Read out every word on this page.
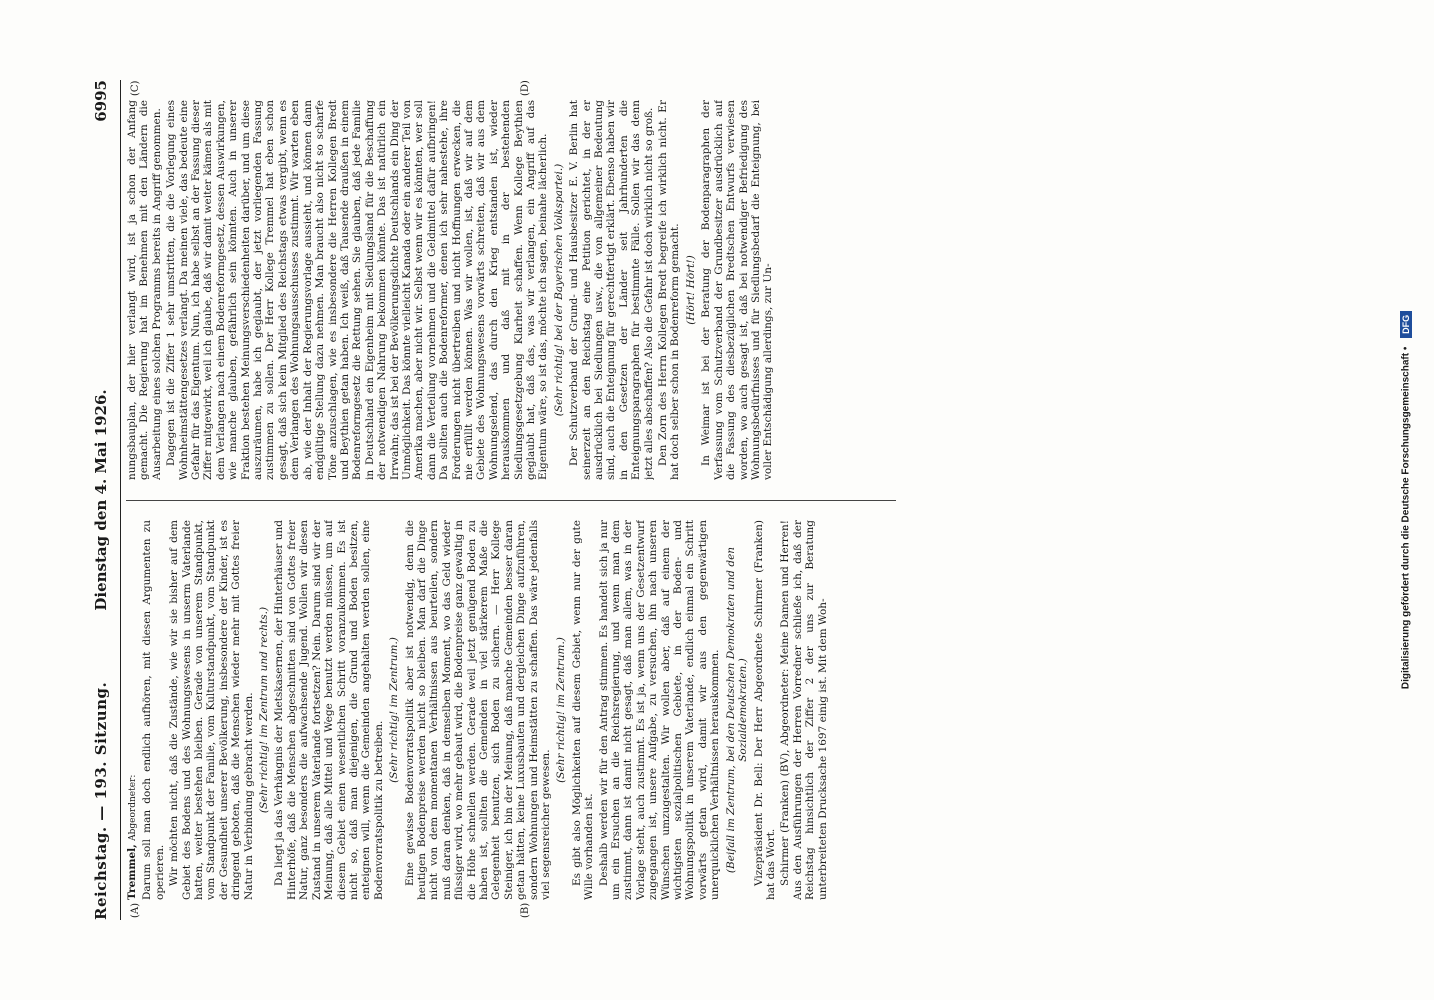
Reichstag. — 193. Sitzung.
Dienstag den 4. Mai 1926.
6995
(A)	(B)
(C)	(D)

Tremmel, Abgeordneter: Darum soll man doch endlich aufhören, mit diesen Argumenten zu operieren. Wir möchten nicht, daß die Zustände, wie wir sie bisher auf dem Gebiet des Bodens und des Wohnungswesens in unserm Vaterlande hatten, weiter bestehen bleiben. Gerade von unserem Standpunkt, vom Standpunkt der Familie, vom Kulturstandpunkt, vom Standpunkt der Gesundheit unserer Bevölkerung, insbesondere der Kinder, ist es dringend geboten, daß die Menschen wieder mehr mit Gottes freier Natur in Verbindung gebracht werden. (Sehr richtig! im Zentrum und rechts.) Da liegt ja das Verhängnis der Mietskasernen, der Hinterhäuser und Hinterhöfe, daß die Menschen abgeschnitten sind von Gottes freier Natur, ganz besonders die aufwachsende Jugend. Wollen wir diesen Zustand in unserem Vaterlande fortsetzen? Nein. Darum sind wir der Meinung, daß alle Mittel und Wege benutzt werden müssen, um auf diesem Gebiet einen wesentlichen Schritt voranzukommen. Es ist nicht so, daß man diejenigen, die Grund und Boden besitzen, enteignen will, wenn die Gemeinden angehalten werden sollen, eine Bodenvorratspolitik zu betreiben.

(Sehr richtig! im Zentrum.) Eine gewisse Bodenvorratspolitik aber ist notwendig, denn die heutigen Bodenpreise werden nicht so bleiben. Man darf die Dinge nicht von dem momentanen Verhältnissen aus beurteilen, sondern muß daran denken, daß in demselben Moment, wo das Geld wieder flüssiger wird, wo mehr gebaut wird, die Bodenpreise ganz gewaltig in die Höhe schnellen werden. Gerade weil jetzt genügend Boden zu haben ist, sollten die Gemeinden in viel stärkerem Maße die Gelegenheit benutzen, sich Boden zu sichern. — Herr Kollege Steiniger, ich bin der Meinung, daß manche Gemeinden besser daran getan hätten, keine Luxusbauten und dergleichen Dinge aufzuführen, sondern Wohnungen und Heimstätten zu schaffen. Das wäre jedenfalls viel segensreicher gewesen.

(Sehr richtig! im Zentrum.) Es gibt also Möglichkeiten auf diesem Gebiet, wenn nur der gute Wille vorhanden ist. Deshalb werden wir für den Antrag stimmen. Es handelt sich ja nur um ein Ersuchen an die Reichsregierung, und wenn man dem zustimmt, dann ist damit nicht gesagt, daß man allem, was in der Vorlage steht, auch zustimmt. Es ist ja, wenn uns der Gesetzentwurf zugegangen ist, unsere Aufgabe, zu versuchen, ihn nach unseren Wünschen umzugestalten. Wir wollen aber, daß auf einem der wichtigsten sozialpolitischen Gebiete, in der Boden- und Wohnungspolitik in unserem Vaterlande, endlich einmal ein Schritt vorwärts getan wird, damit wir aus den gegenwärtigen unerquicklichen Verhältnissen herauskommen. (Beifall im Zentrum, bei den Deutschen Demokraten und den Sozialdemokraten.) Vizepräsident Dr. Bell: Der Herr Abgeordnete Schirmer (Franken) hat das Wort. Schirmer (Franken) (BV), Abgeordneter: Meine Damen und Herren! Aus den Ausführungen der Herren Vorredner schließe ich, daß der Reichstag hinsichtlich der Ziffer 2 der uns zur Beratung unterbreiteten Drucksache 1697 einig ist. Mit dem Woh-

nungsbauplan, der hier verlangt wird, ist ja schon der Anfang gemacht. Die Regierung hat im Benehmen mit den Ländern die Ausarbeitung eines solchen Programms bereits in Angriff genommen. Dagegen ist die Ziffer 1 sehr umstritten, die die Vorlegung eines Wohnheimstättengesetzes verlangt. Da meinen viele, das bedeute eine Gefahr für das Eigentum. Nun, ich habe selbst an der Fassung dieser Ziffer mitgewirkt, weil ich glaube, daß wir damit weiter kämen als mit dem Verlangen nach einem Bodenreformgesetz, dessen Auswirkungen, wie manche glauben, gefährlich sein könnten. Auch in unserer Fraktion bestehen Meinungsverschiedenheiten darüber, und um diese auszuräumen, habe ich geglaubt, der jetzt vorliegenden Fassung zustimmen zu sollen. Der Herr Kollege Tremmel hat eben schon gesagt, daß sich kein Mitglied des Reichstags etwas vergibt, wenn es dem Verlangen des Wohnungsausschusses zustimmt. Wir warten eben ab, wie der Inhalt der Regierungsvorlage aussieht, und können dann endgültige Stellung dazu nehmen. Man braucht also nicht so scharfe Töne anzuschlagen, wie es insbesondere die Herren Kollegen Bredt und Beythien getan haben. Ich weiß, daß Tausende draußen in einem Bodenreformgesetz die Rettung sehen. Sie glauben, daß jede Familie in Deutschland ein Eigenheim mit Siedlungsland für die Beschaffung der notwendigen Nahrung bekommen könnte. Das ist natürlich ein Irrwahn; das ist bei der Bevölkerungsdichte Deutschlands ein Ding der Unmöglichkeit. Das könnte vielleicht Kanada oder ein anderer Teil von Amerika machen, aber nicht wir. Selbst wenn wir es könnten, wer soll dann die Verteilung vornehmen und die Geldmittel dafür aufbringen! Da sollten auch die Bodenreformer, denen ich sehr nahestehe, ihre Forderungen nicht übertreiben und nicht Hoffnungen erwecken, die nie erfüllt werden können. Was wir wollen, ist, daß wir auf dem Gebiete des Wohnungswesens vorwärts schreiten, daß wir aus dem Wohnungselend, das durch den Krieg entstanden ist, wieder herauskommen und daß mit in der bestehenden Siedlungsgesetzgebung Klarheit schaffen. Wenn Kollege Beythien geglaubt hat, daß das, was wir verlangen, ein Angriff auf das Eigentum wäre, so ist das, möchte ich sagen, beinahe lächerlich. (Sehr richtig! bei der Bayerischen Volkspartei.) Der Schutzverband der Grund- und Hausbesitzer E. V. Berlin hat seinerzeit an den Reichstag eine Petition gerichtet, in der er ausdrücklich bei Siedlungen usw., die von allgemeiner Bedeutung sind, auch die Enteignung für gerechtfertigt erklärt. Ebenso haben wir in den Gesetzen der Länder seit Jahrhunderten die Enteignungsparagraphen für bestimmte Fälle. Sollen wir das denn jetzt alles abschaffen? Also die Gefahr ist doch wirklich nicht so groß. Den Zorn des Herrn Kollegen Bredt begreife ich wirklich nicht. Er hat doch selber schon in Bodenreform gemacht. (Hört! Hört!) In Weimar ist bei der Beratung der Bodenparagraphen der Verfassung vom Schutzverband der Grundbesitzer ausdrücklich auf die Fassung des diesbezüglichen Bredtschen Entwurfs verwiesen worden, wo auch gesagt ist, daß bei notwendiger Befriedigung des Wohnungsbedürfnisses und für Siedlungsbedarf die Enteignung, bei voller Entschädigung allerdings, zur Un-	Digitalisierung gefördert durch die Deutsche Forschungsgemeinschaft • DFG
